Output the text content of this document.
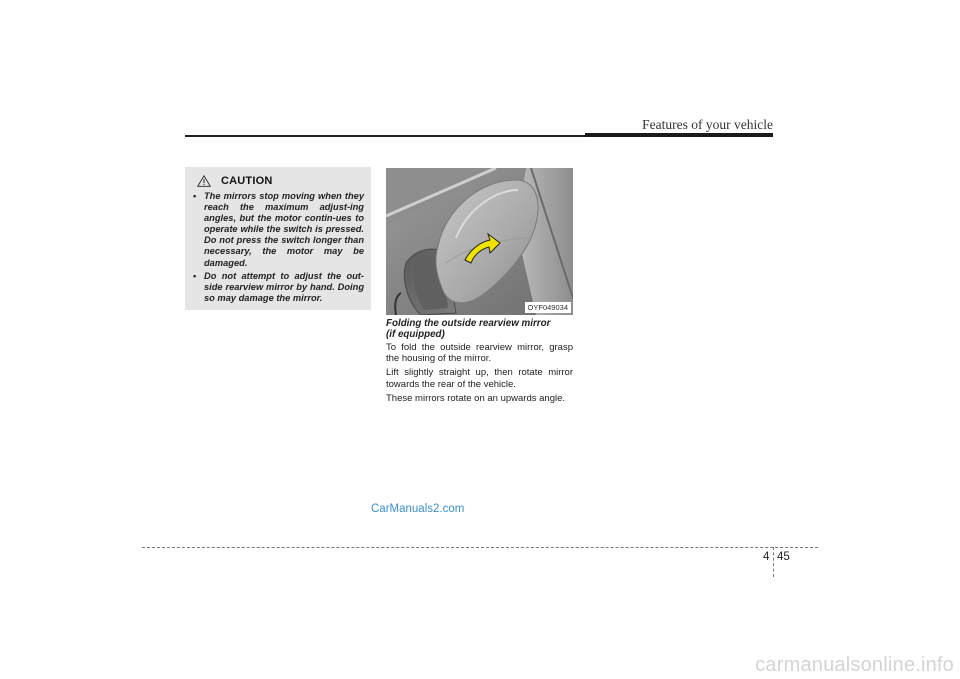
Features of your vehicle
CAUTION
• The mirrors stop moving when they reach the maximum adjust-ing angles, but the motor contin-ues to operate while the switch is pressed. Do not press the switch longer than necessary, the motor may be damaged.
• Do not attempt to adjust the out-side rearview mirror by hand. Doing so may damage the mirror.
OYF049034
Folding the outside rearview mirror
(if equipped)

To fold the outside rearview mirror, grasp the housing of the mirror.

Lift slightly straight up, then rotate mirror towards the rear of the vehicle.

These mirrors rotate on an upwards angle.

CarManuals2.com
4 45
carmanualsonline.info
